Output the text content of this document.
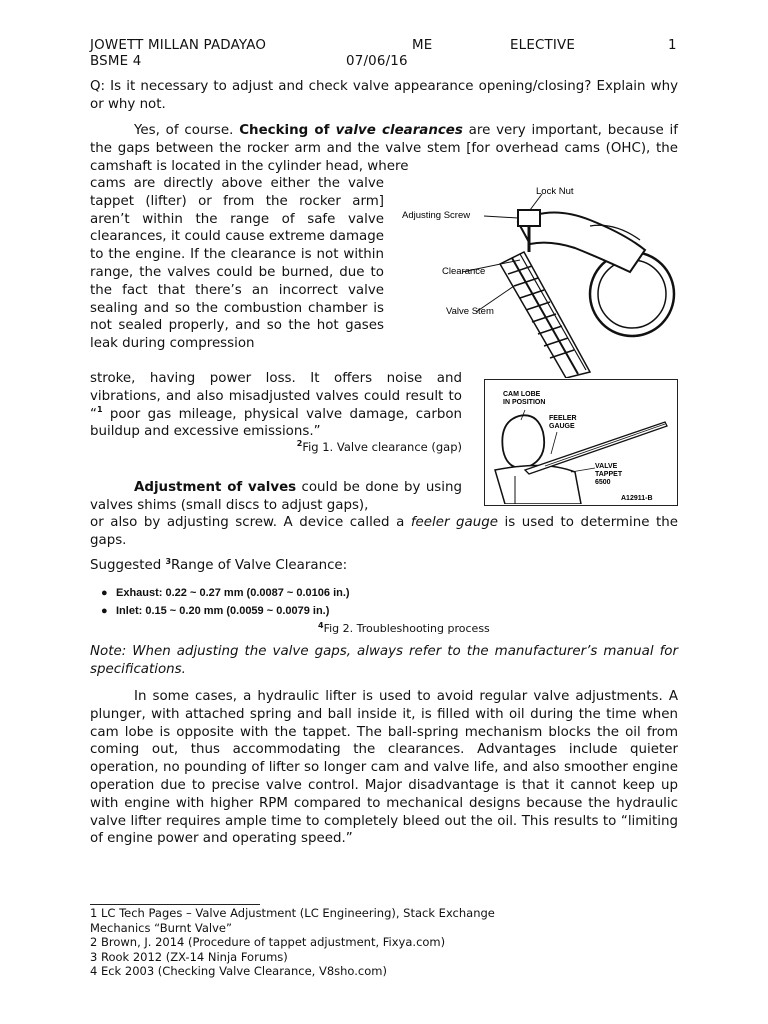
JOWETT MILLAN PADAYAO	ME	ELECTIVE	1
BSME 4	07/06/16
Q: Is it necessary to adjust and check valve appearance opening/closing? Explain why or why not.
Yes, of course. Checking of valve clearances are very important, because if the gaps between the rocker arm and the valve stem [for overhead cams (OHC), the camshaft is located in the cylinder head, where
cams are directly above either the valve tappet (lifter) or from the rocker arm] aren’t within the range of safe valve clearances, it could cause extreme damage to the engine. If the clearance is not within range, the valves could be burned, due to the fact that there’s an incorrect valve sealing and so the combustion chamber is not sealed properly, and so the hot gases leak during compression
stroke, having power loss. It offers noise and vibrations, and also misadjusted valves could result to “$^1$ poor gas mileage, physical valve damage, carbon buildup and excessive emissions.”
$^2$Fig 1. Valve clearance (gap)
Lock Nut
Adjusting Screw
Clearance
Valve Stem
CAM LOBE
IN POSITION
FEELER
GAUGE
VALVE
TAPPET
6500
A12911-B
Adjustment of valves could be done by using valves shims (small discs to adjust gaps),
or also by adjusting screw. A device called a feeler gauge is used to determine the gaps.
Suggested $^3$Range of Valve Clearance:
● Exhaust: 0.22 ~ 0.27 mm (0.0087 ~ 0.0106 in.)
● Inlet: 0.15 ~ 0.20 mm (0.0059 ~ 0.0079 in.)
$^4$Fig 2. Troubleshooting process
Note: When adjusting the valve gaps, always refer to the manufacturer’s manual for specifications.
In some cases, a hydraulic lifter is used to avoid regular valve adjustments. A plunger, with attached spring and ball inside it, is filled with oil during the time when cam lobe is opposite with the tappet. The ball-spring mechanism blocks the oil from coming out, thus accommodating the clearances. Advantages include quieter operation, no pounding of lifter so longer cam and valve life, and also smoother engine operation due to precise valve control. Major disadvantage is that it cannot keep up with engine with higher RPM compared to mechanical designs because the hydraulic valve lifter requires ample time to completely bleed out the oil. This results to “limiting of engine power and operating speed.”
1 LC Tech Pages – Valve Adjustment (LC Engineering), Stack Exchange Mechanics “Burnt Valve”
2 Brown, J. 2014 (Procedure of tappet adjustment, Fixya.com)
3 Rook 2012 (ZX-14 Ninja Forums)
4 Eck 2003 (Checking Valve Clearance, V8sho.com)
